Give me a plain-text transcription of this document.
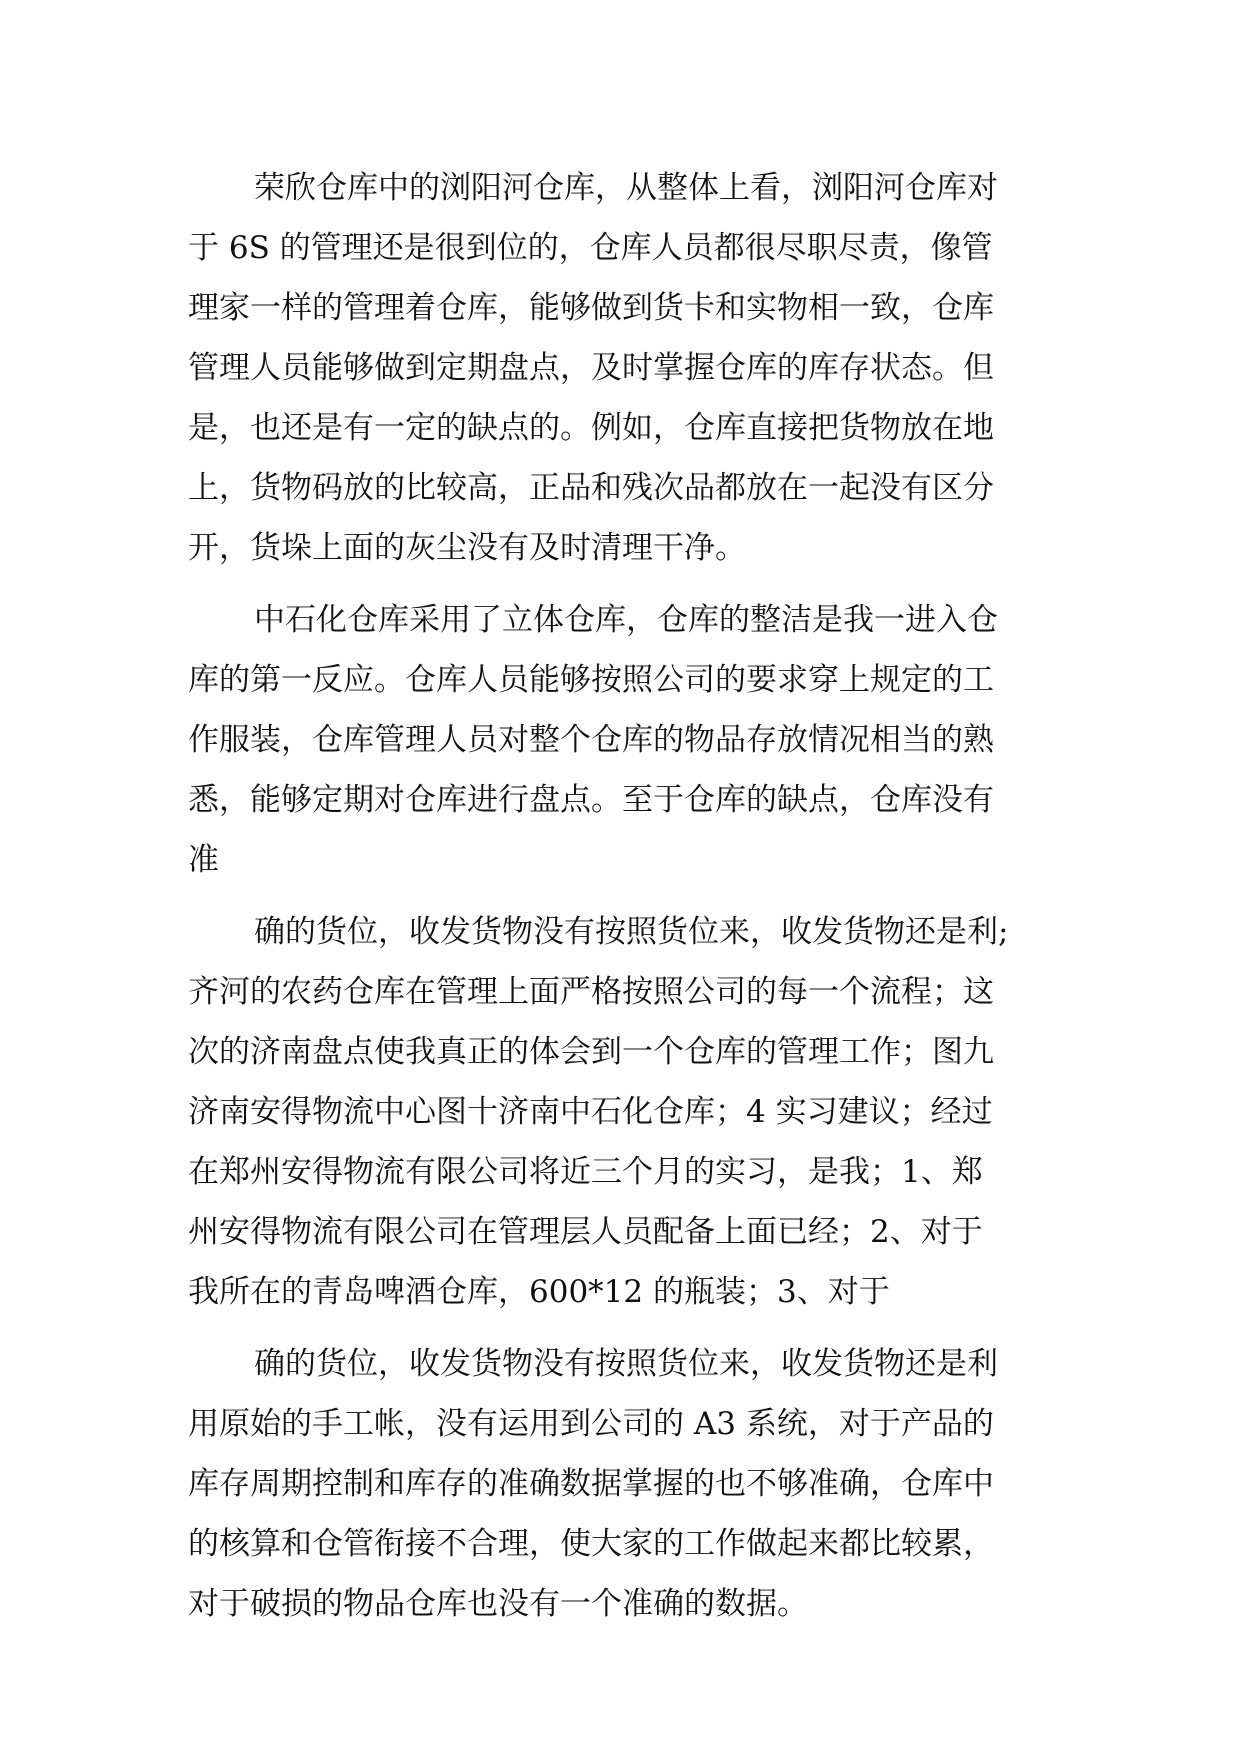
荣欣仓库中的浏阳河仓库，从整体上看，浏阳河仓库对
于 6S 的管理还是很到位的，仓库人员都很尽职尽责，像管
理家一样的管理着仓库，能够做到货卡和实物相一致，仓库
管理人员能够做到定期盘点，及时掌握仓库的库存状态。但
是，也还是有一定的缺点的。例如，仓库直接把货物放在地
上，货物码放的比较高，正品和残次品都放在一起没有区分
开，货垛上面的灰尘没有及时清理干净。
中石化仓库采用了立体仓库，仓库的整洁是我一进入仓
库的第一反应。仓库人员能够按照公司的要求穿上规定的工
作服装，仓库管理人员对整个仓库的物品存放情况相当的熟
悉，能够定期对仓库进行盘点。至于仓库的缺点，仓库没有
准
确的货位，收发货物没有按照货位来，收发货物还是利;
齐河的农药仓库在管理上面严格按照公司的每一个流程；这
次的济南盘点使我真正的体会到一个仓库的管理工作；图九
济南安得物流中心图十济南中石化仓库；4 实习建议；经过
在郑州安得物流有限公司将近三个月的实习，是我；1、郑
州安得物流有限公司在管理层人员配备上面已经；2、对于
我所在的青岛啤酒仓库，600*12 的瓶装；3、对于
确的货位，收发货物没有按照货位来，收发货物还是利
用原始的手工帐，没有运用到公司的 A3 系统，对于产品的
库存周期控制和库存的准确数据掌握的也不够准确，仓库中
的核算和仓管衔接不合理，使大家的工作做起来都比较累，
对于破损的物品仓库也没有一个准确的数据。
